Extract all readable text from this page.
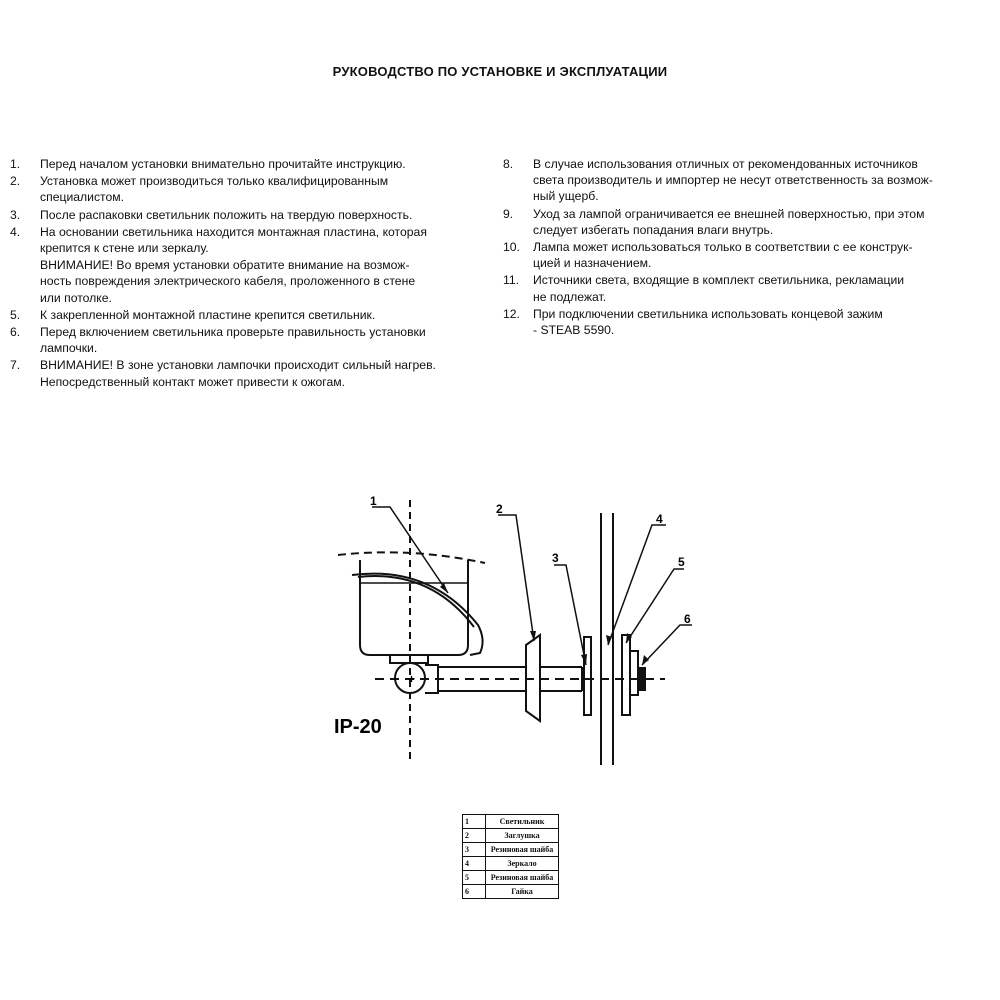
РУКОВОДСТВО ПО УСТАНОВКЕ И ЭКСПЛУАТАЦИИ
1.	Перед началом установки внимательно прочитайте инструкцию.
2.	Установка может производиться только квалифицированным
специалистом.
3.	После распаковки светильник положить на твердую поверхность.
4.	На основании светильника находится монтажная пластина, которая
крепится к стене или зеркалу.
ВНИМАНИЕ! Во время установки обратите внимание на возмож-
ность повреждения электрического кабеля, проложенного в стене
или потолке.
5.	К закрепленной монтажной пластине крепится светильник.
6.	Перед включением светильника проверьте правильность установки
лампочки.
7.	ВНИМАНИЕ! В зоне установки лампочки происходит сильный нагрев.
Непосредственный контакт может привести к ожогам.
8.	В случае использования отличных от рекомендованных источников
света производитель и импортер не несут ответственность за возмож-
ный ущерб.
9.	Уход за лампой ограничивается ее внешней поверхностью, при этом
следует избегать попадания влаги внутрь.
10.	Лампа может использоваться только в соответствии с ее конструк-
цией и назначением.
11.	Источники света, входящие в комплект светильника, рекламации
не подлежат.
12.	При подключении светильника использовать концевой зажим
- STEAB 5590.
+
1
2
3
4
5
6
IP-20
1	Светильник
2	Заглушка
3	Резиновая шайба
4	Зеркало
5	Резиновая шайба
6	Гайка
